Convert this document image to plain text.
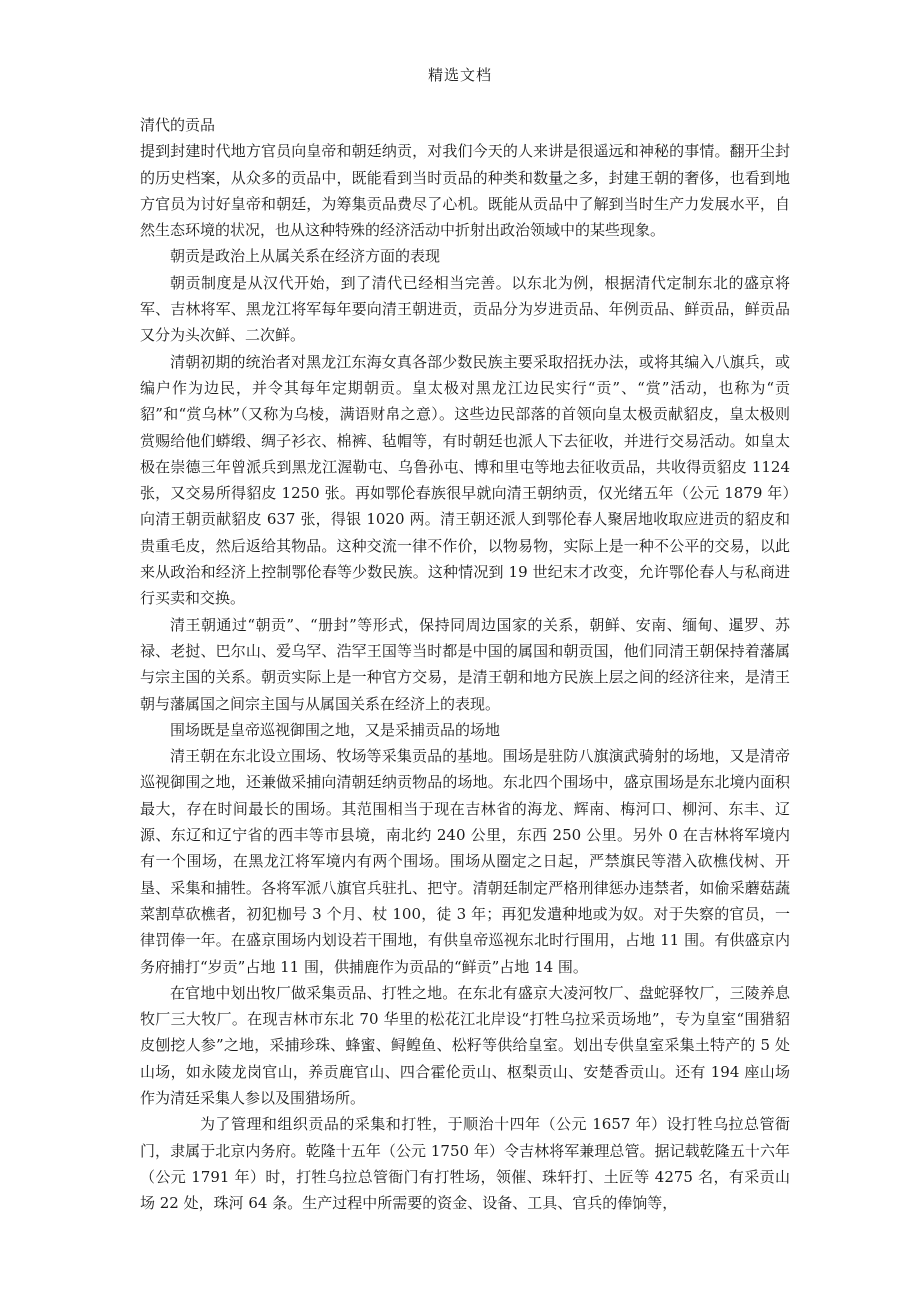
精选文档

清代的贡品

提到封建时代地方官员向皇帝和朝廷纳贡，对我们今天的人来讲是很遥远和神秘的事情。翻开尘封的历史档案，从众多的贡品中，既能看到当时贡品的种类和数量之多，封建王朝的奢侈，也看到地方官员为讨好皇帝和朝廷，为筹集贡品费尽了心机。既能从贡品中了解到当时生产力发展水平，自然生态环境的状况，也从这种特殊的经济活动中折射出政治领域中的某些现象。

朝贡是政治上从属关系在经济方面的表现

朝贡制度是从汉代开始，到了清代已经相当完善。以东北为例，根据清代定制东北的盛京将军、吉林将军、黑龙江将军每年要向清王朝进贡，贡品分为岁进贡品、年例贡品、鲜贡品，鲜贡品又分为头次鲜、二次鲜。

清朝初期的统治者对黑龙江东海女真各部少数民族主要采取招抚办法，或将其编入八旗兵，或编户作为边民，并令其每年定期朝贡。皇太极对黑龙江边民实行“贡”、“赏”活动，也称为“贡貂”和“赏乌林”（又称为乌棱，满语财帛之意）。这些边民部落的首领向皇太极贡献貂皮，皇太极则赏赐给他们蟒缎、绸子衫衣、棉裤、毡帽等，有时朝廷也派人下去征收，并进行交易活动。如皇太极在崇德三年曾派兵到黑龙江渥勒屯、乌鲁孙屯、博和里屯等地去征收贡品，共收得贡貂皮 1124 张，又交易所得貂皮 1250 张。再如鄂伦春族很早就向清王朝纳贡，仅光绪五年（公元 1879 年）向清王朝贡献貂皮 637 张，得银 1020 两。清王朝还派人到鄂伦春人聚居地收取应进贡的貂皮和贵重毛皮，然后返给其物品。这种交流一律不作价，以物易物，实际上是一种不公平的交易，以此来从政治和经济上控制鄂伦春等少数民族。这种情况到 19 世纪末才改变，允许鄂伦春人与私商进行买卖和交换。

清王朝通过“朝贡”、“册封”等形式，保持同周边国家的关系，朝鲜、安南、缅甸、暹罗、苏禄、老挝、巴尔山、爱乌罕、浩罕王国等当时都是中国的属国和朝贡国，他们同清王朝保持着藩属与宗主国的关系。朝贡实际上是一种官方交易，是清王朝和地方民族上层之间的经济往来，是清王朝与藩属国之间宗主国与从属国关系在经济上的表现。

围场既是皇帝巡视御围之地，又是采捕贡品的场地

清王朝在东北设立围场、牧场等采集贡品的基地。围场是驻防八旗演武骑射的场地，又是清帝巡视御围之地，还兼做采捕向清朝廷纳贡物品的场地。东北四个围场中，盛京围场是东北境内面积最大，存在时间最长的围场。其范围相当于现在吉林省的海龙、辉南、梅河口、柳河、东丰、辽源、东辽和辽宁省的西丰等市县境，南北约 240 公里，东西 250 公里。另外 0 在吉林将军境内有一个围场，在黑龙江将军境内有两个围场。围场从圈定之日起，严禁旗民等潜入砍樵伐树、开垦、采集和捕牲。各将军派八旗官兵驻扎、把守。清朝廷制定严格刑律惩办违禁者，如偷采蘑菇蔬菜割草砍樵者，初犯枷号 3 个月、杖 100，徒 3 年；再犯发遣种地或为奴。对于失察的官员，一律罚俸一年。在盛京围场内划设若干围地，有供皇帝巡视东北时行围用，占地 11 围。有供盛京内务府捕打“岁贡”占地 11 围，供捕鹿作为贡品的“鲜贡”占地 14 围。

在官地中划出牧厂做采集贡品、打牲之地。在东北有盛京大凌河牧厂、盘蛇驿牧厂，三陵养息牧厂三大牧厂。在现吉林市东北 70 华里的松花江北岸设“打牲乌拉采贡场地”，专为皇室“围猎貂皮刨挖人参”之地，采捕珍珠、蜂蜜、鲟鳇鱼、松籽等供给皇室。划出专供皇室采集土特产的 5 处山场，如永陵龙岗官山，养贡鹿官山、四合霍伦贡山、枢梨贡山、安楚香贡山。还有 194 座山场作为清廷采集人参以及围猎场所。

为了管理和组织贡品的采集和打牲，于顺治十四年（公元 1657 年）设打牲乌拉总管衙门，隶属于北京内务府。乾隆十五年（公元 1750 年）令吉林将军兼理总管。据记载乾隆五十六年（公元 1791 年）时，打牲乌拉总管衙门有打牲场，领催、珠轩打、土匠等 4275 名，有采贡山场 22 处，珠河 64 条。生产过程中所需要的资金、设备、工具、官兵的俸饷等，
